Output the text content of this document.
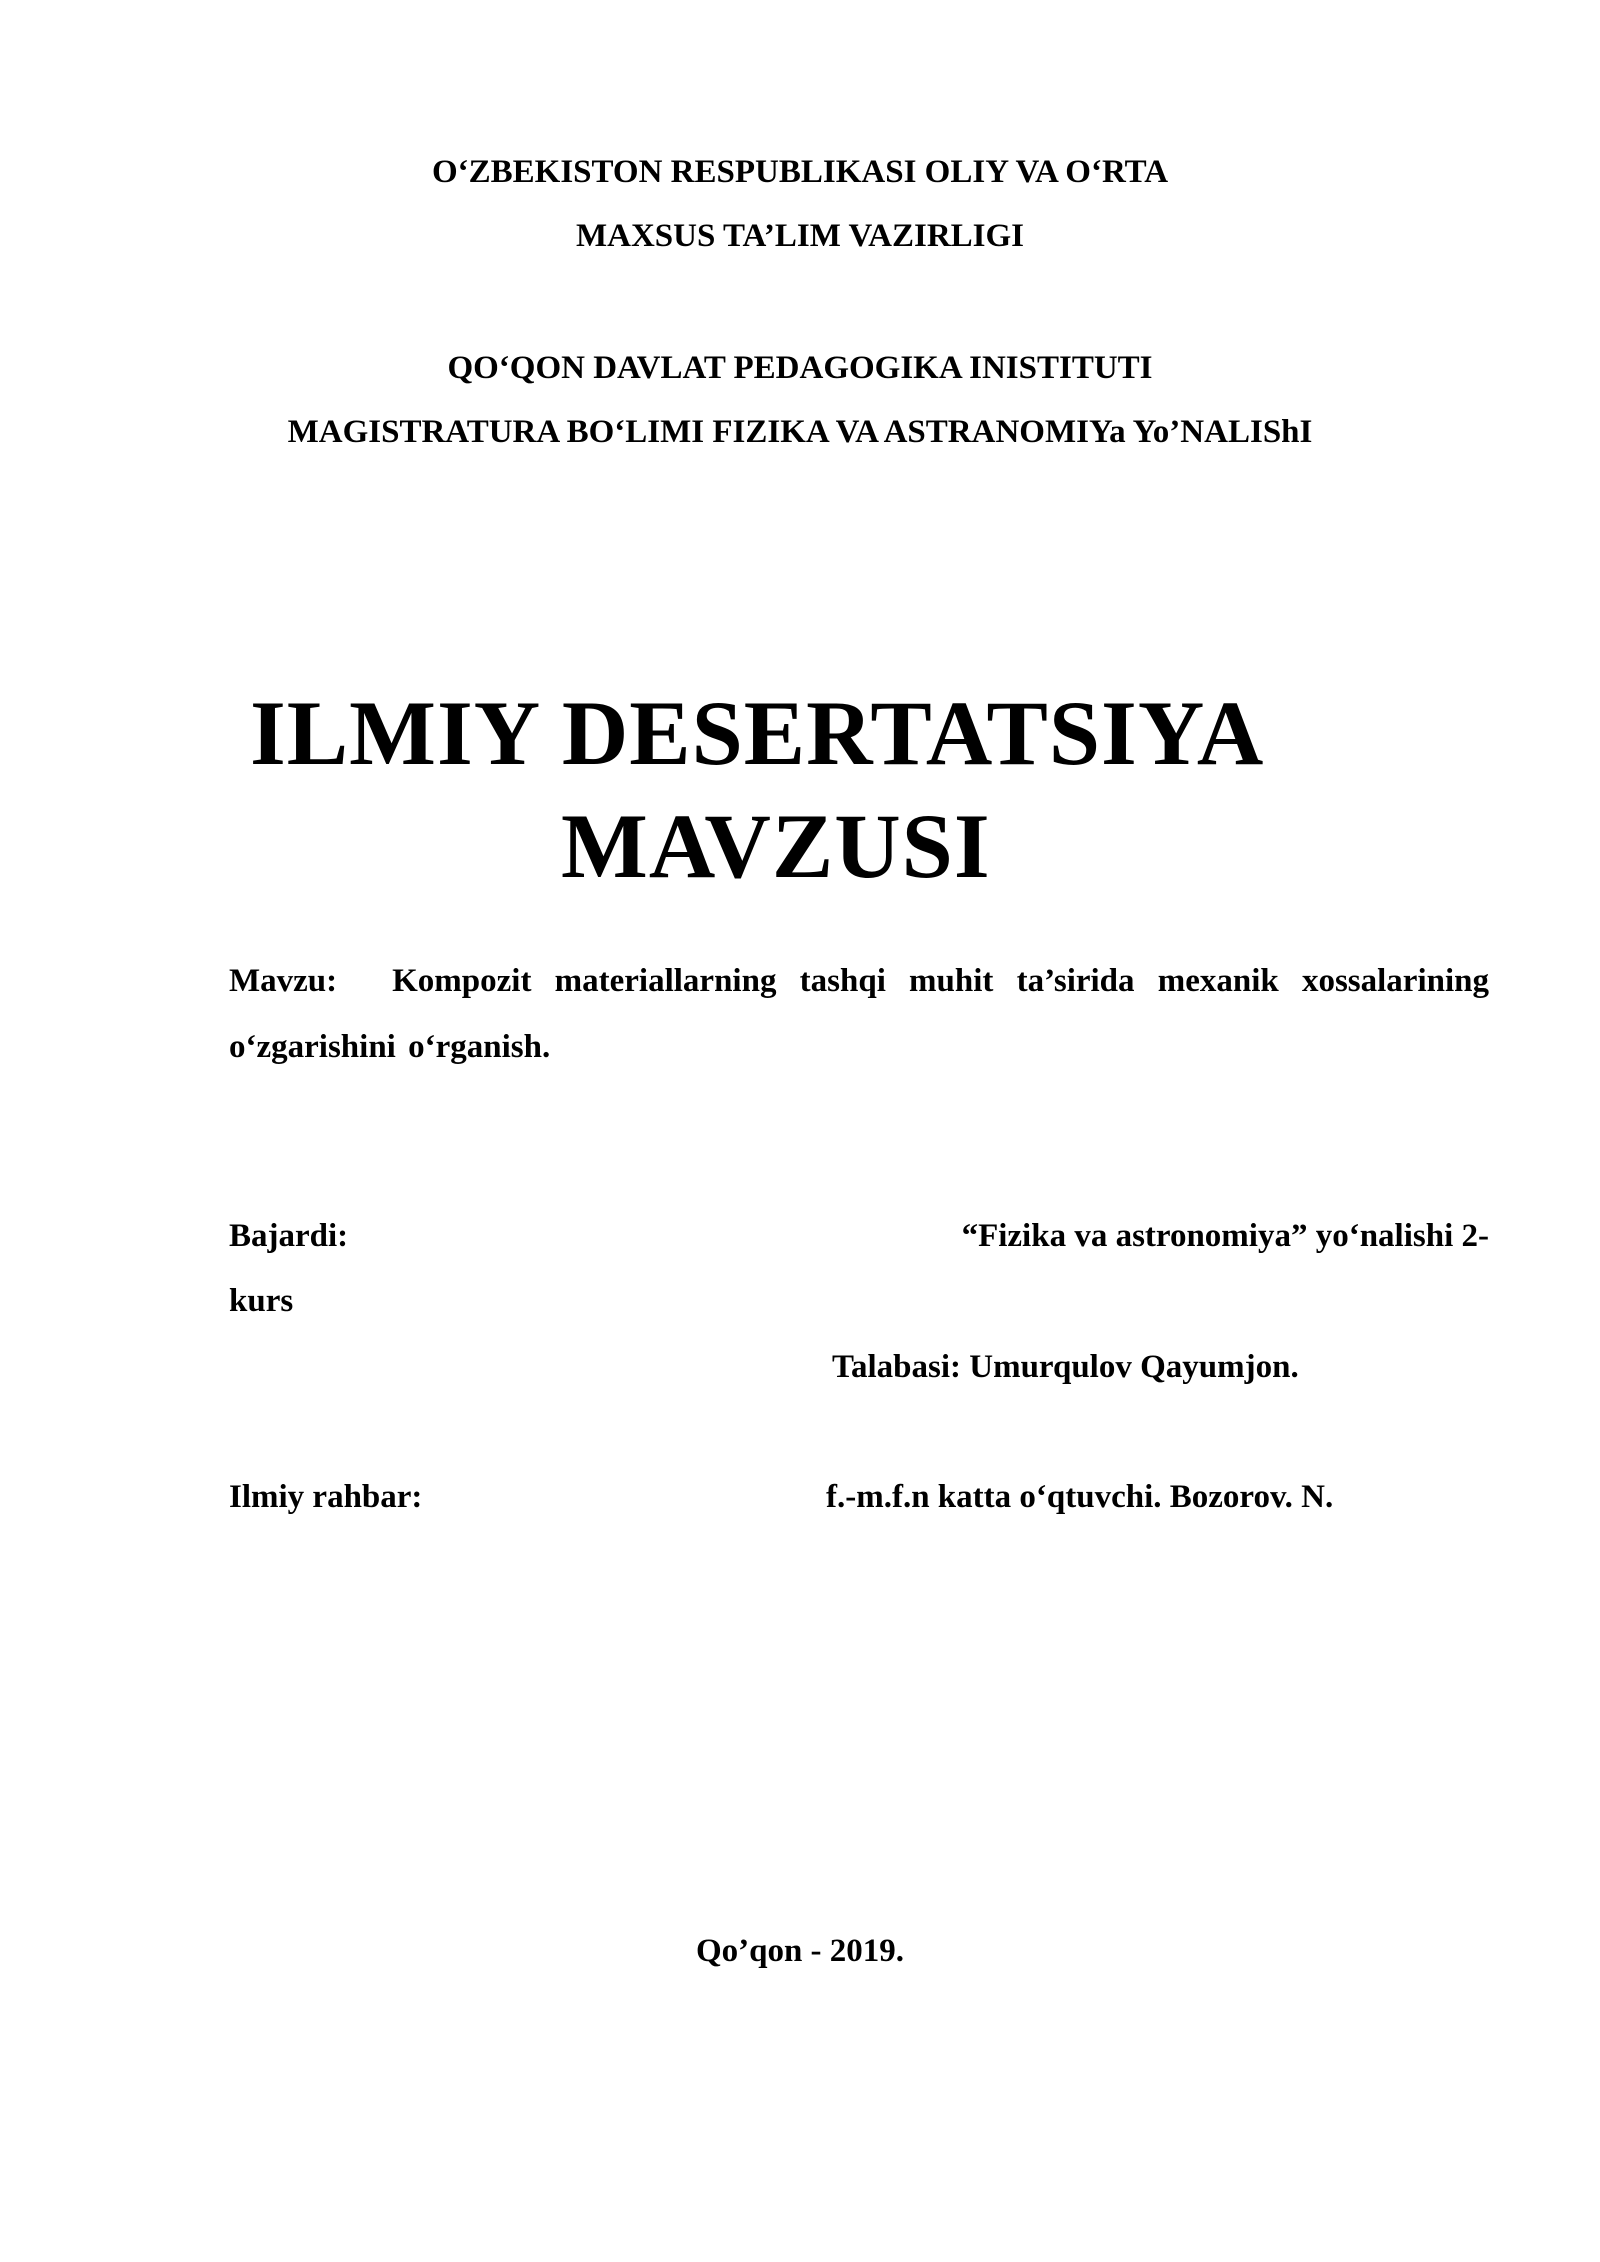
O‘ZBEKISTON RESPUBLIKASI OLIY VA O‘RTA
MAXSUS TA’LIM VAZIRLIGI
QO‘QON DAVLAT PEDAGOGIKA INISTITUTI
MAGISTRATURA BO‘LIMI FIZIKA VA ASTRANOMIYa Yo’NALIShI
ILMIY DESERTATSIYA
MAVZUSI
Mavzu: Kompozit materiallarning tashqi muhit ta’sirida mexanik xossalarining o‘zgarishini o‘rganish.
Bajardi:	“Fizika va astronomiya” yo‘nalishi 2-
kurs
Talabasi: Umurqulov Qayumjon.
Ilmiy rahbar:	f.-m.f.n katta o‘qtuvchi. Bozorov. N.
Qo’qon - 2019.
